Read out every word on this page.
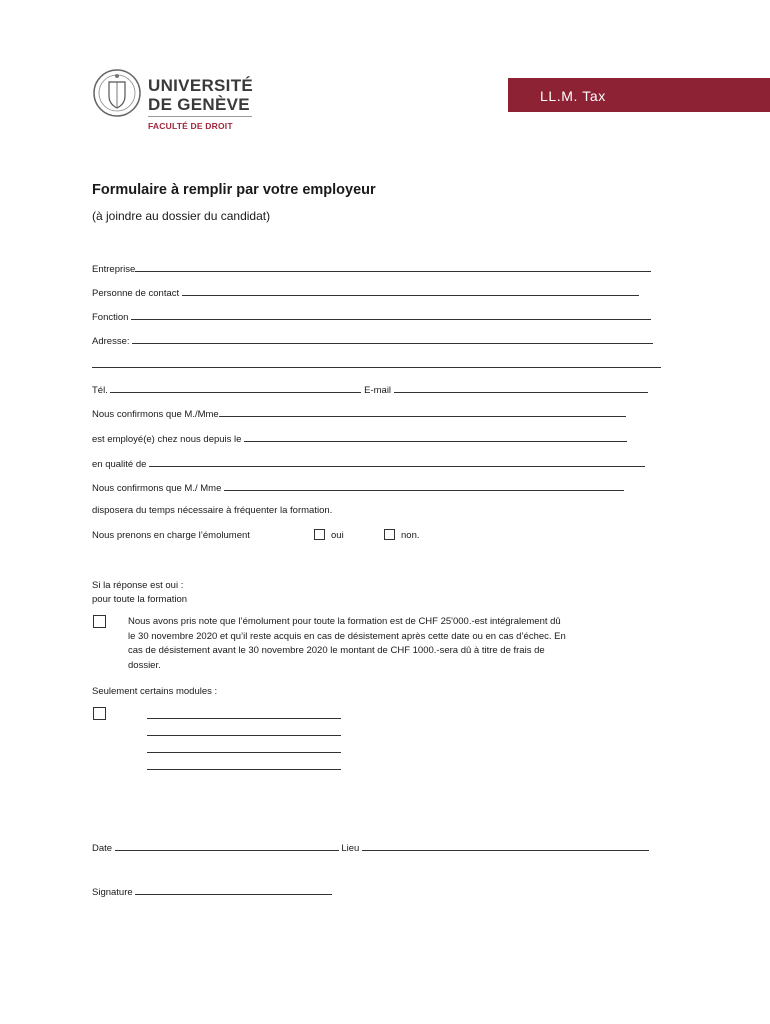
UNIVERSITÉ
DE GENÈVE
FACULTÉ DE DROIT
LL.M. Tax
Formulaire à remplir par votre employeur
(à joindre au dossier du candidat)
Entreprise
Personne de contact
Fonction
Adresse:
Tél.	E-mail
Nous confirmons que M./Mme
est employé(e) chez nous depuis le
en qualité de
Nous confirmons que M./ Mme
disposera du temps nécessaire à fréquenter la formation.
Nous prenons en charge l’émolument	oui	non.
Si la réponse est oui :
pour toute la formation
Nous avons pris note que l’émolument pour toute la formation est de CHF 25'000.-est intégralement dû
le 30 novembre 2020 et qu’il reste acquis en cas de désistement après cette date ou en cas d’échec. En
cas de désistement avant le 30 novembre 2020 le montant de CHF 1000.-sera dû à titre de frais de
dossier.
Seulement certains modules :
Date	Lieu
Signature
